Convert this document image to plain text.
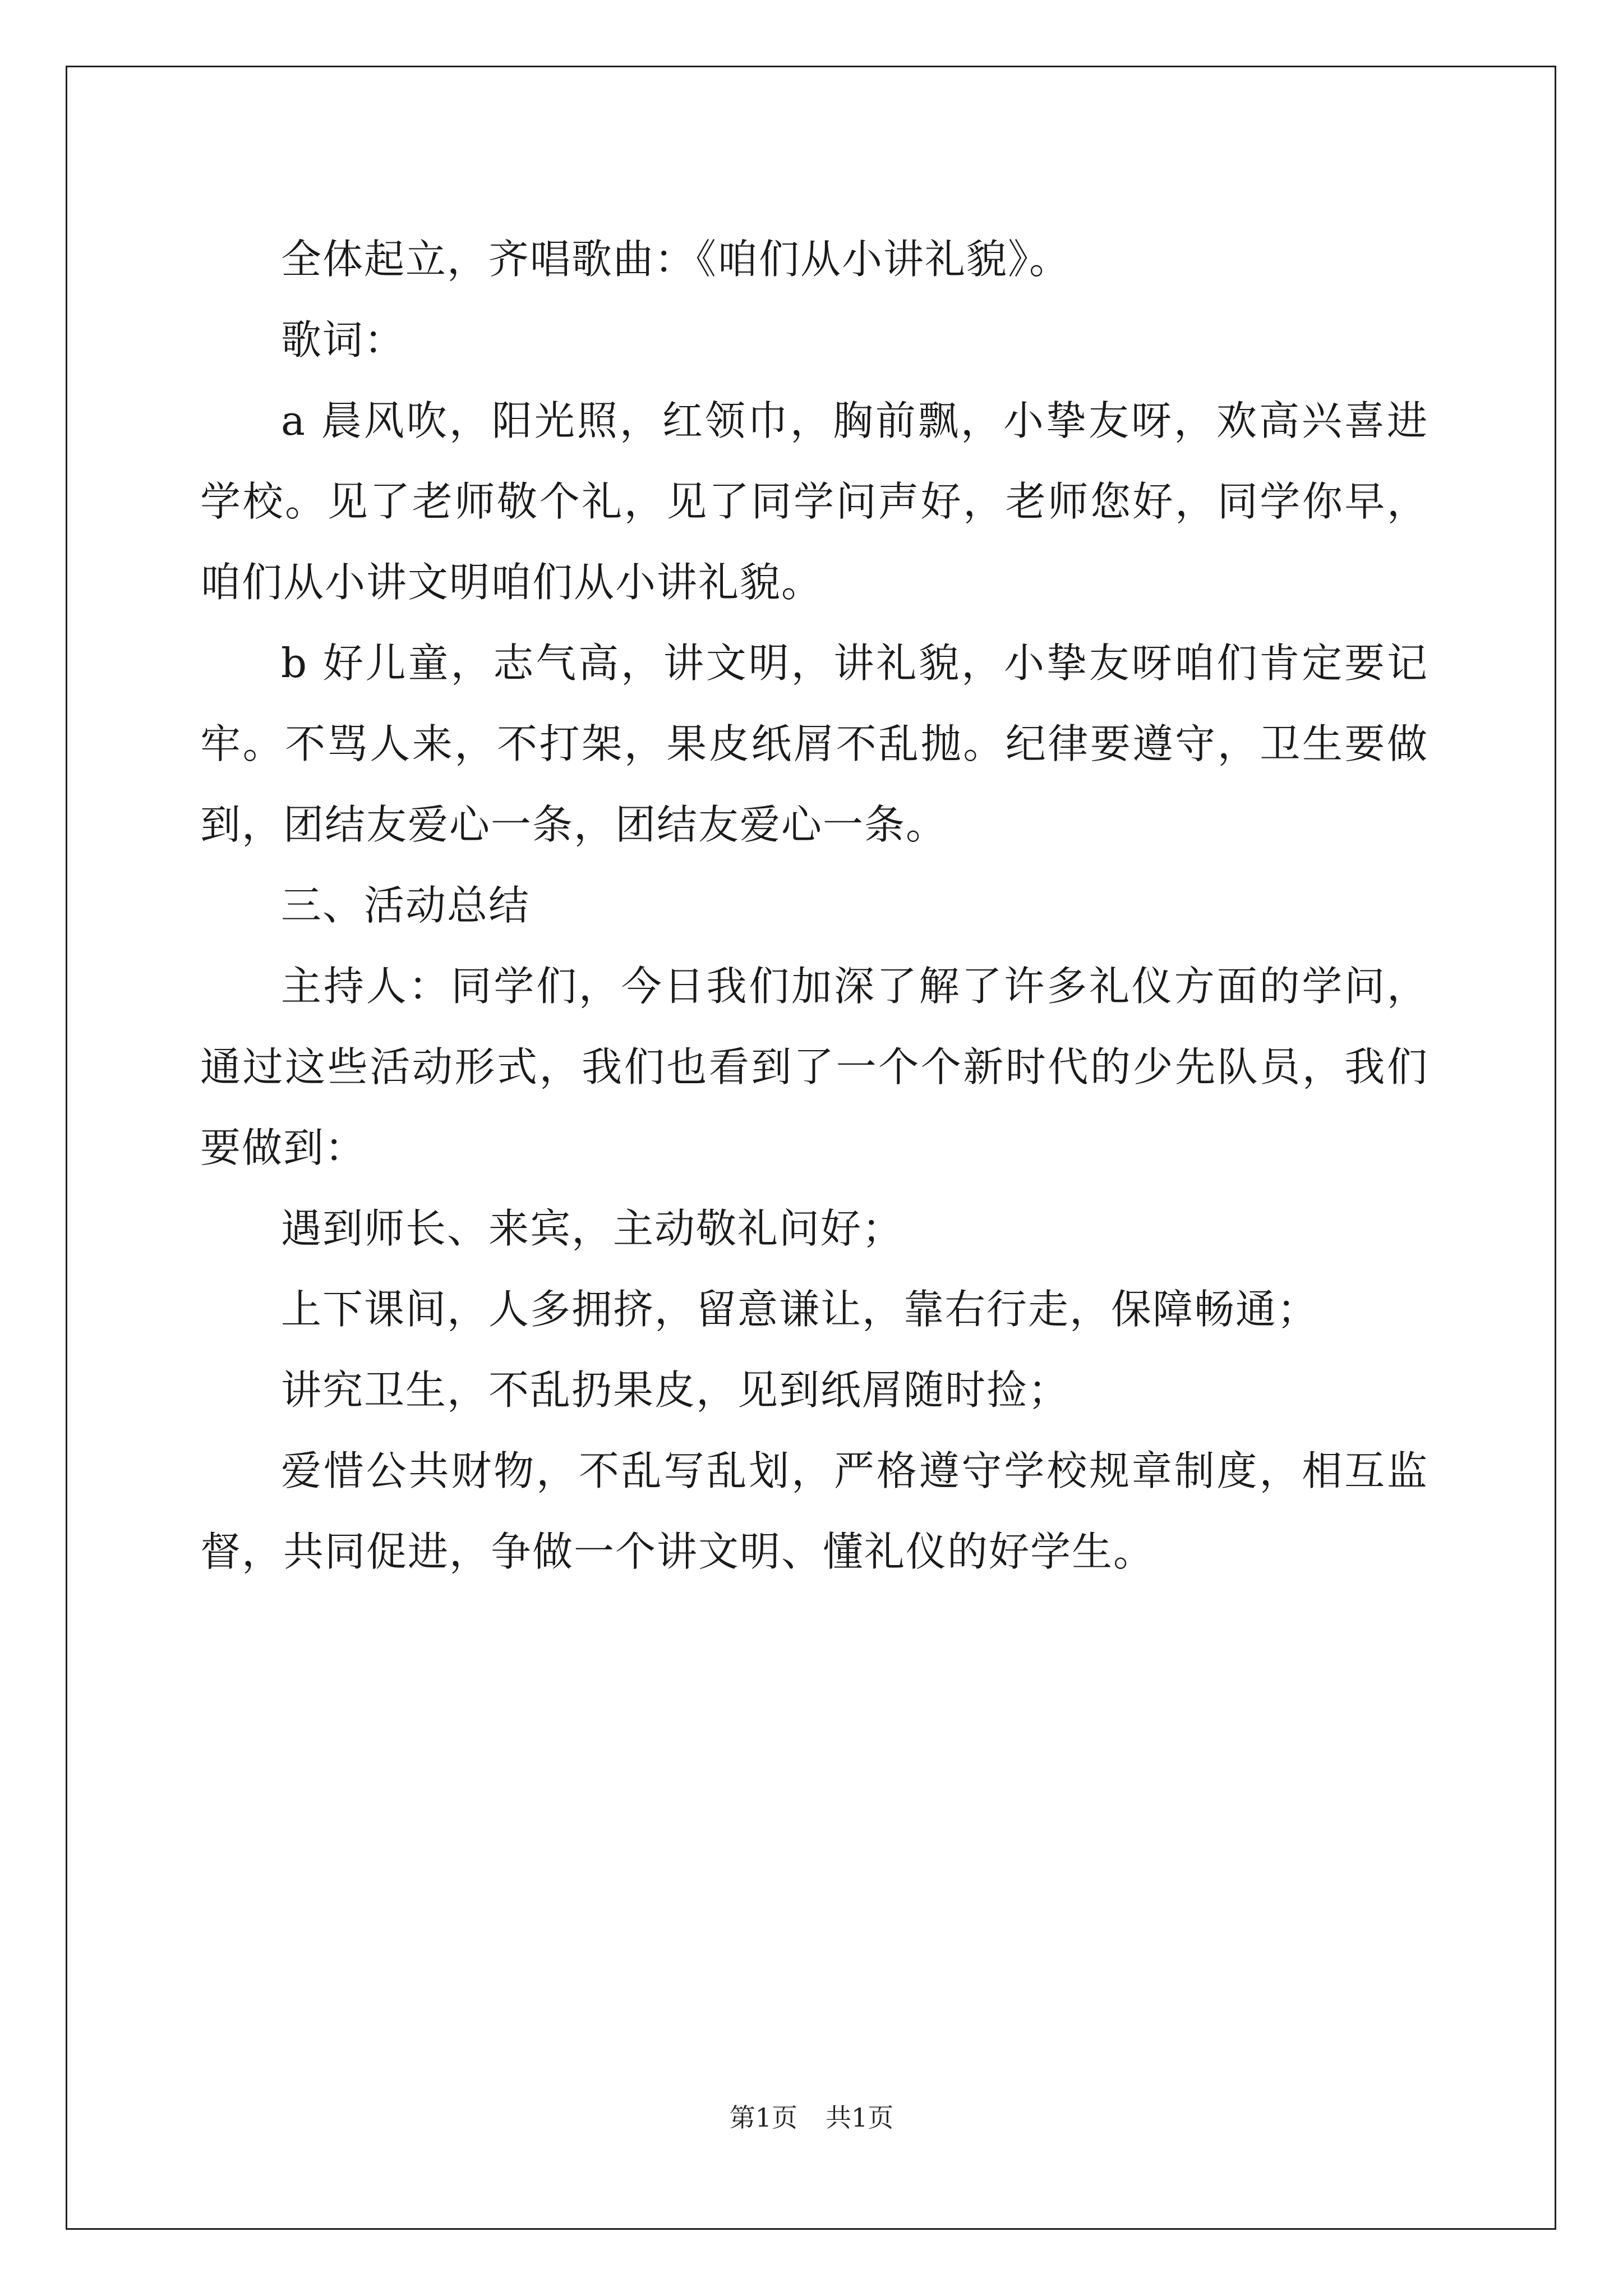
全体起立，齐唱歌曲：《咱们从小讲礼貌》。

歌词：

a 晨风吹，阳光照，红领巾，胸前飘，小挚友呀，欢高兴喜进学校。见了老师敬个礼，见了同学问声好，老师您好，同学你早，咱们从小讲文明咱们从小讲礼貌。

b 好儿童，志气高，讲文明，讲礼貌，小挚友呀咱们肯定要记牢。不骂人来，不打架，果皮纸屑不乱抛。纪律要遵守，卫生要做到，团结友爱心一条，团结友爱心一条。

三、活动总结

主持人：同学们，今日我们加深了解了许多礼仪方面的学问，通过这些活动形式，我们也看到了一个个新时代的少先队员，我们要做到：

遇到师长、来宾，主动敬礼问好；

上下课间，人多拥挤，留意谦让，靠右行走，保障畅通；

讲究卫生，不乱扔果皮，见到纸屑随时捡；

爱惜公共财物，不乱写乱划，严格遵守学校规章制度，相互监督，共同促进，争做一个讲文明、懂礼仪的好学生。

第1页 共1页
